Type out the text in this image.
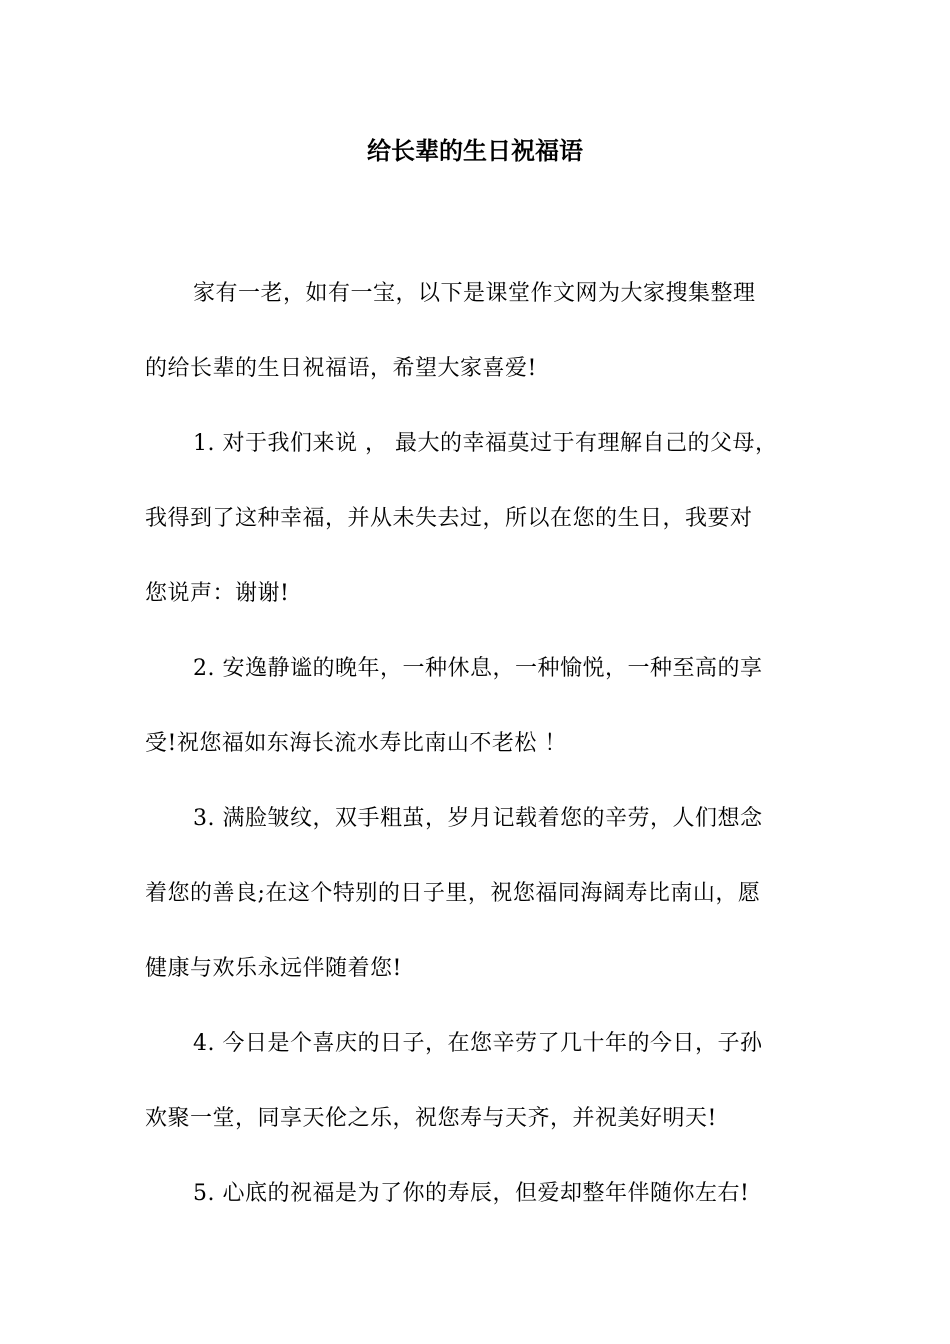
给长辈的生日祝福语

家有一老，如有一宝，以下是课堂作文网为大家搜集整理
的给长辈的生日祝福语，希望大家喜爱!

1. 对于我们来说 ， 最大的幸福莫过于有理解自己的父母，
我得到了这种幸福，并从未失去过，所以在您的生日，我要对
您说声：谢谢!

2. 安逸静谧的晚年，一种休息，一种愉悦，一种至高的享
受!祝您福如东海长流水寿比南山不老松 ！

3. 满脸皱纹，双手粗茧，岁月记载着您的辛劳，人们想念
着您的善良;在这个特别的日子里，祝您福同海阔寿比南山，愿
健康与欢乐永远伴随着您!

4. 今日是个喜庆的日子，在您辛劳了几十年的今日，子孙
欢聚一堂，同享天伦之乐，祝您寿与天齐，并祝美好明天!

5. 心底的祝福是为了你的寿辰，但爱却整年伴随你左右!
